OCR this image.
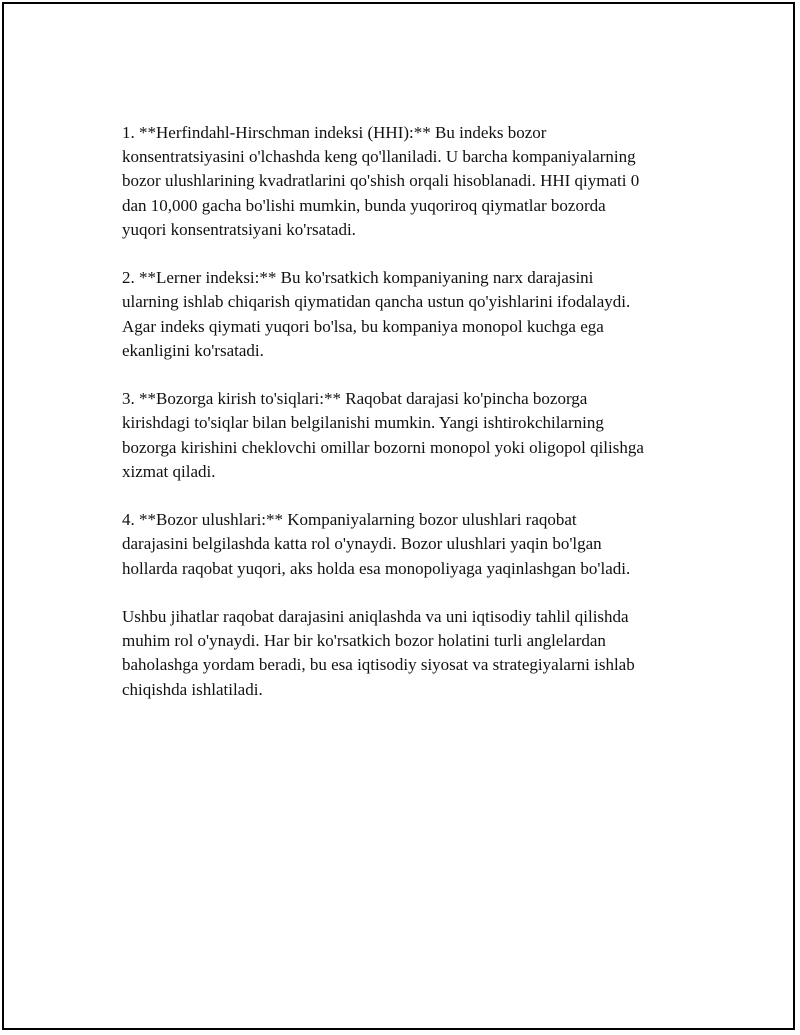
1. **Herfindahl-Hirschman indeksi (HHI):** Bu indeks bozor
konsentratsiyasini o'lchashda keng qo'llaniladi. U barcha kompaniyalarning
bozor ulushlarining kvadratlarini qo'shish orqali hisoblanadi. HHI qiymati 0
dan 10,000 gacha bo'lishi mumkin, bunda yuqoriroq qiymatlar bozorda
yuqori konsentratsiyani ko'rsatadi.

2. **Lerner indeksi:** Bu ko'rsatkich kompaniyaning narx darajasini
ularning ishlab chiqarish qiymatidan qancha ustun qo'yishlarini ifodalaydi.
Agar indeks qiymati yuqori bo'lsa, bu kompaniya monopol kuchga ega
ekanligini ko'rsatadi.

3. **Bozorga kirish to'siqlari:** Raqobat darajasi ko'pincha bozorga
kirishdagi to'siqlar bilan belgilanishi mumkin. Yangi ishtirokchilarning
bozorga kirishini cheklovchi omillar bozorni monopol yoki oligopol qilishga
xizmat qiladi.

4. **Bozor ulushlari:** Kompaniyalarning bozor ulushlari raqobat
darajasini belgilashda katta rol o'ynaydi. Bozor ulushlari yaqin bo'lgan
hollarda raqobat yuqori, aks holda esa monopoliyaga yaqinlashgan bo'ladi.

Ushbu jihatlar raqobat darajasini aniqlashda va uni iqtisodiy tahlil qilishda
muhim rol o'ynaydi. Har bir ko'rsatkich bozor holatini turli anglelardan
baholashga yordam beradi, bu esa iqtisodiy siyosat va strategiyalarni ishlab
chiqishda ishlatiladi.
